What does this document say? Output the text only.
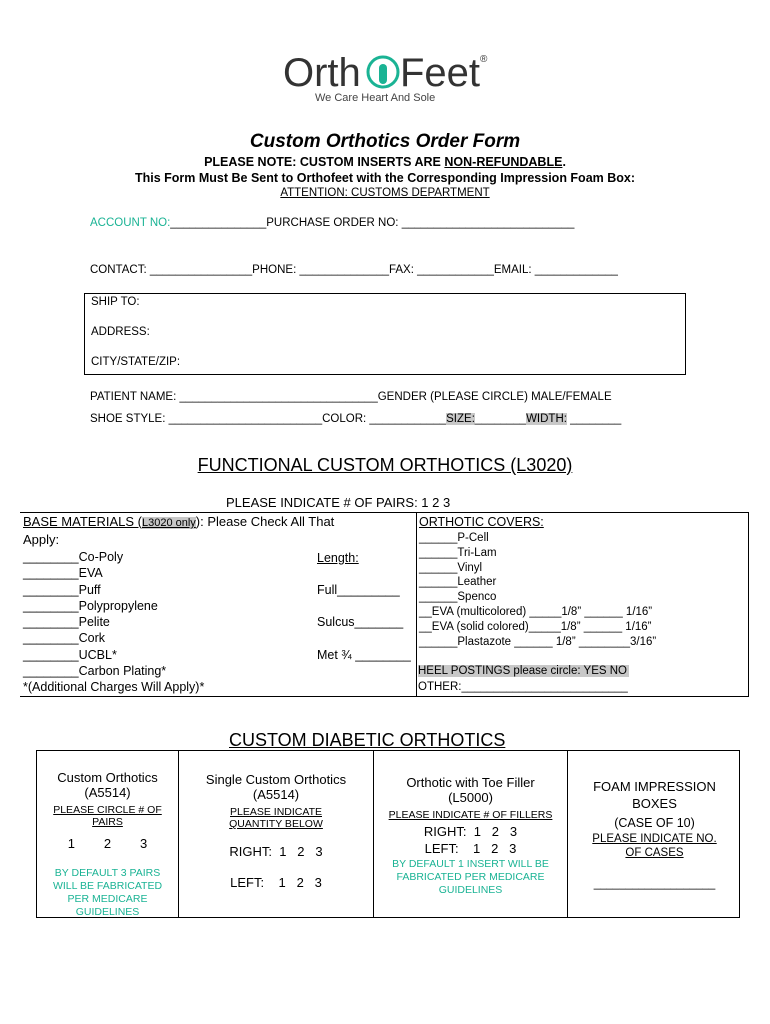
Orth Feet ®
We Care Heart And Sole
Custom Orthotics Order Form
PLEASE NOTE: CUSTOM INSERTS ARE NON-REFUNDABLE.
This Form Must Be Sent to Orthofeet with the Corresponding Impression Foam Box:
ATTENTION: CUSTOMS DEPARTMENT
ACCOUNT NO:_______________PURCHASE ORDER NO: ___________________________
CONTACT: ________________PHONE: ______________FAX: ____________EMAIL: _____________
SHIP TO:
ADDRESS:
CITY/STATE/ZIP:
PATIENT NAME: _______________________________GENDER (PLEASE CIRCLE) MALE/FEMALE
SHOE STYLE: ________________________COLOR: ____________SIZE:________WIDTH: ________
FUNCTIONAL CUSTOM ORTHOTICS (L3020)
PLEASE INDICATE # OF PAIRS: 1 2 3
BASE MATERIALS (L3020 only): Please Check All That
Apply:
________Co-Poly
________EVA
________Puff
________Polypropylene
________Pelite
________Cork
________UCBL*
________Carbon Plating*
*(Additional Charges Will Apply)*
Length:
Full_________
Sulcus_______
Met ¾ ________
ORTHOTIC COVERS:
______P-Cell
______Tri-Lam
______Vinyl
______Leather
______Spenco
__EVA (multicolored) _____1/8” ______ 1/16”
__EVA (solid colored)_____1/8” ______ 1/16”
______Plastazote ______ 1/8” ________3/16”
HEEL POSTINGS please circle: YES NO
OTHER:__________________________
CUSTOM DIABETIC ORTHOTICS
Custom Orthotics
(A5514)
PLEASE CIRCLE # OF PAIRS
1        2        3
BY DEFAULT 3 PAIRS WILL BE FABRICATED PER MEDICARE GUIDELINES
Single Custom Orthotics
(A5514)
PLEASE INDICATE QUANTITY BELOW
RIGHT:  1   2   3
LEFT:    1   2   3
Orthotic with Toe Filler
(L5000)
PLEASE INDICATE # OF FILLERS
RIGHT:  1   2   3
LEFT:    1   2   3
BY DEFAULT 1 INSERT WILL BE FABRICATED PER MEDICARE GUIDELINES
FOAM IMPRESSION BOXES
(CASE OF 10)
PLEASE INDICATE NO. OF CASES
___________________
